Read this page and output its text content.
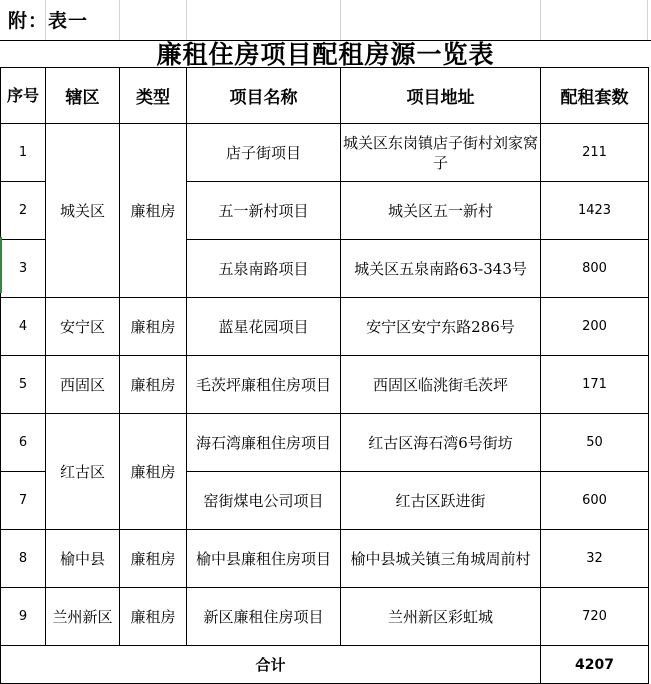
附：表一
廉租住房项目配租房源一览表
序号	辖区	类型	项目名称	项目地址	配租套数
1	城关区	廉租房	店子街项目	城关区东岗镇店子街村刘家窝子	211
2			五一新村项目	城关区五一新村	1423
3			五泉南路项目	城关区五泉南路63-343号	800
4	安宁区	廉租房	蓝星花园项目	安宁区安宁东路286号	200
5	西固区	廉租房	毛茨坪廉租住房项目	西固区临洮街毛茨坪	171
6	红古区	廉租房	海石湾廉租住房项目	红古区海石湾6号街坊	50
7			窑街煤电公司项目	红古区跃进街	600
8	榆中县	廉租房	榆中县廉租住房项目	榆中县城关镇三角城周前村	32
9	兰州新区	廉租房	新区廉租住房项目	兰州新区彩虹城	720
合计					4207
